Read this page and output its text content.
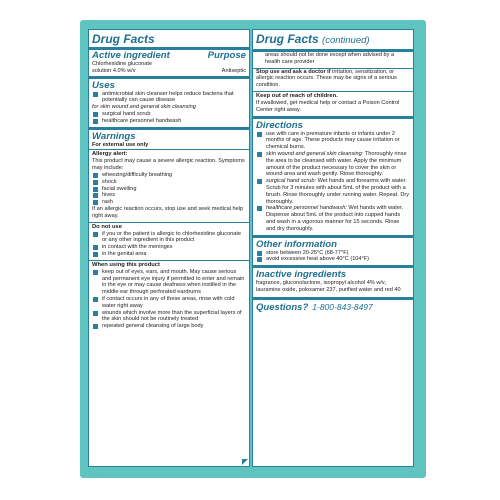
Drug Facts
Active ingredient	Purpose
Chlorhexidine gluconate
solution 4.0% w/v	Antiseptic
Uses
antimicrobial skin cleanser helps reduce bacteria that potentially can cause disease
for skin wound and general skin cleansing
surgical hand scrub
healthcare personnel handwash
Warnings
For external use only
Allergy alert:
This product may cause a severe allergic reaction. Symptoms may include:
wheezing/difficulty breathing
shock
facial swelling
hives
rash
If an allergic reaction occurs, stop use and seek medical help right away.
Do not use
if you or the patient is allergic to chlorhexidine gluconate or any other ingredient in this product
in contact with the meninges
in the genital area
When using this product
keep out of eyes, ears, and mouth. May cause serious and permanent eye injury if permitted to enter and remain in the eye or may cause deafness when instilled in the middle ear through perforated eardrums
if contact occurs in any of these areas, rinse with cold water right away
wounds which involve more than the superficial layers of the skin should not be routinely treated
repeated general cleansing of large body
Drug Facts (continued)
areas should not be done except when advised by a health care provider
Stop use and ask a doctor if irritation, sensitization, or allergic reaction occurs. These may be signs of a serious condition.
Keep out of reach of children.
If swallowed, get medical help or contact a Poison Control Center right away.
Directions
use with care in premature infants or infants under 2 months of age. These products may cause irritation or chemical burns.
skin wound and general skin cleansing: Thoroughly rinse the area to be cleansed with water. Apply the minimum amount of the product necessary to cover the skin or wound area and wash gently. Rinse thoroughly.
surgical hand scrub: Wet hands and forearms with water. Scrub for 3 minutes with about 5mL of the product with a brush. Rinse thoroughly under running water. Repeat. Dry thoroughly.
healthcare personnel handwash: Wet hands with water. Dispense about 5mL of the product into cupped hands and wash in a vigorous manner for 15 seconds. Rinse and dry thoroughly.
Other information
store between 20-25°C (68-77°F)
avoid excessive heat above 40°C (104°F)
Inactive ingredients
fragrance, gluconolactone, isopropyl alcohol 4% w/v, lauramine oxide, poloxamer 237, purified water and red 40
Questions? 1-800-843-8497
